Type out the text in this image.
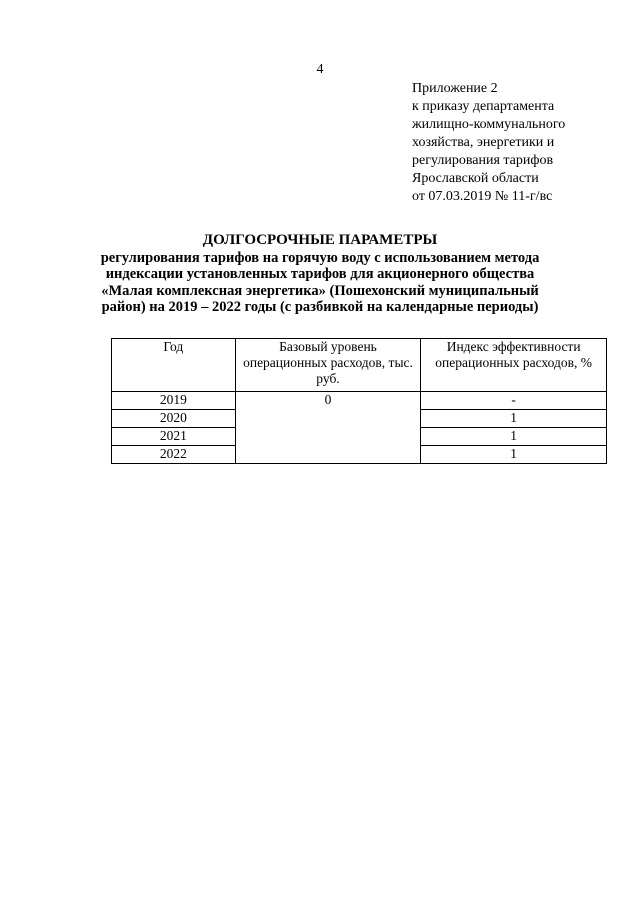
4
Приложение 2
к приказу департамента
жилищно-коммунального
хозяйства, энергетики и
регулирования тарифов
Ярославской области
от 07.03.2019 № 11-г/вс
ДОЛГОСРОЧНЫЕ ПАРАМЕТРЫ
регулирования тарифов на горячую воду с использованием метода
индексации установленных тарифов для акционерного общества
«Малая комплексная энергетика» (Пошехонский муниципальный
район) на 2019 – 2022 годы (с разбивкой на календарные периоды)
Год	Базовый уровень операционных расходов, тыс. руб.	Индекс эффективности операционных расходов, %
2019	0	-
2020		1
2021		1
2022		1
